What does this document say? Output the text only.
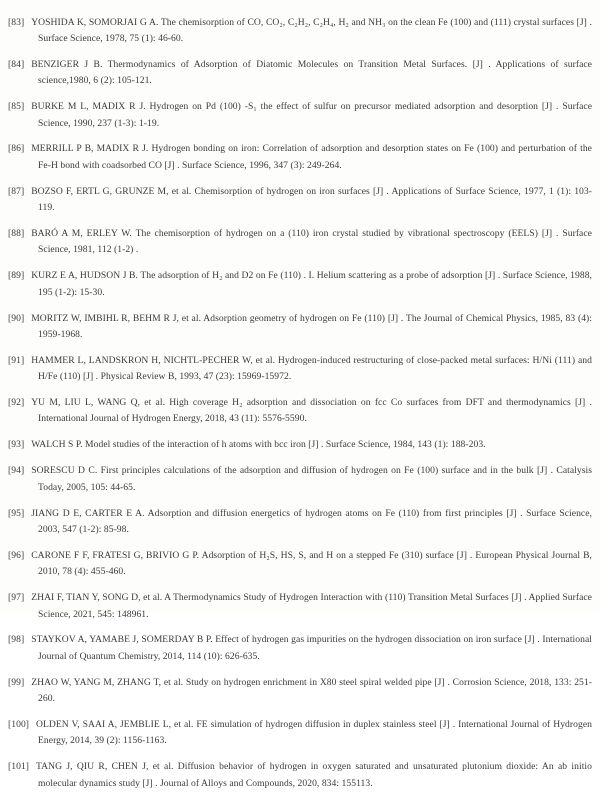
[83] YOSHIDA K, SOMORJAI G A. The chemisorption of CO, CO₂, C₂H₂, C₂H₄, H₂ and NH₃ on the clean Fe (100) and (111) crystal surfaces [J] . Surface Science, 1978, 75 (1): 46-60.

[84] BENZIGER J B. Thermodynamics of Adsorption of Diatomic Molecules on Transition Metal Surfaces. [J] . Applications of surface science,1980, 6 (2): 105-121.

[85] BURKE M L, MADIX R J. Hydrogen on Pd (100) -S₁ the effect of sulfur on precursor mediated adsorption and desorption [J] . Surface Science, 1990, 237 (1-3): 1-19.

[86] MERRILL P B, MADIX R J. Hydrogen bonding on iron: Correlation of adsorption and desorption states on Fe (100) and perturbation of the Fe-H bond with coadsorbed CO [J] . Surface Science, 1996, 347 (3): 249-264.

[87] BOZSO F, ERTL G, GRUNZE M, et al. Chemisorption of hydrogen on iron surfaces [J] . Applications of Surface Science, 1977, 1 (1): 103-119.

[88] BARÓ A M, ERLEY W. The chemisorption of hydrogen on a (110) iron crystal studied by vibrational spectroscopy (EELS) [J] . Surface Science, 1981, 112 (1-2) .

[89] KURZ E A, HUDSON J B. The adsorption of H₂ and D2 on Fe (110) . I. Helium scattering as a probe of adsorption [J] . Surface Science, 1988, 195 (1-2): 15-30.

[90] MORITZ W, IMBIHL R, BEHM R J, et al. Adsorption geometry of hydrogen on Fe (110) [J] . The Journal of Chemical Physics, 1985, 83 (4): 1959-1968.

[91] HAMMER L, LANDSKRON H, NICHTL-PECHER W, et al. Hydrogen-induced restructuring of close-packed metal surfaces: H/Ni (111) and H/Fe (110) [J] . Physical Review B, 1993, 47 (23): 15969-15972.

[92] YU M, LIU L, WANG Q, et al. High coverage H₂ adsorption and dissociation on fcc Co surfaces from DFT and thermodynamics [J] . International Journal of Hydrogen Energy, 2018, 43 (11): 5576-5590.

[93] WALCH S P. Model studies of the interaction of h atoms with bcc iron [J] . Surface Science, 1984, 143 (1): 188-203.

[94] SORESCU D C. First principles calculations of the adsorption and diffusion of hydrogen on Fe (100) surface and in the bulk [J] . Catalysis Today, 2005, 105: 44-65.

[95] JIANG D E, CARTER E A. Adsorption and diffusion energetics of hydrogen atoms on Fe (110) from first principles [J] . Surface Science, 2003, 547 (1-2): 85-98.

[96] CARONE F F, FRATESI G, BRIVIO G P. Adsorption of H₂S, HS, S, and H on a stepped Fe (310) surface [J] . European Physical Journal B, 2010, 78 (4): 455-460.

[97] ZHAI F, TIAN Y, SONG D, et al. A Thermodynamics Study of Hydrogen Interaction with (110) Transition Metal Surfaces [J] . Applied Surface Science, 2021, 545: 148961.

[98] STAYKOV A, YAMABE J, SOMERDAY B P. Effect of hydrogen gas impurities on the hydrogen dissociation on iron surface [J] . International Journal of Quantum Chemistry, 2014, 114 (10): 626-635.

[99] ZHAO W, YANG M, ZHANG T, et al. Study on hydrogen enrichment in X80 steel spiral welded pipe [J] . Corrosion Science, 2018, 133: 251-260.

[100] OLDEN V, SAAI A, JEMBLIE L, et al. FE simulation of hydrogen diffusion in duplex stainless steel [J] . International Journal of Hydrogen Energy, 2014, 39 (2): 1156-1163.

[101] TANG J, QIU R, CHEN J, et al. Diffusion behavior of hydrogen in oxygen saturated and unsaturated plutonium dioxide: An ab initio molecular dynamics study [J] . Journal of Alloys and Compounds, 2020, 834: 155113.
